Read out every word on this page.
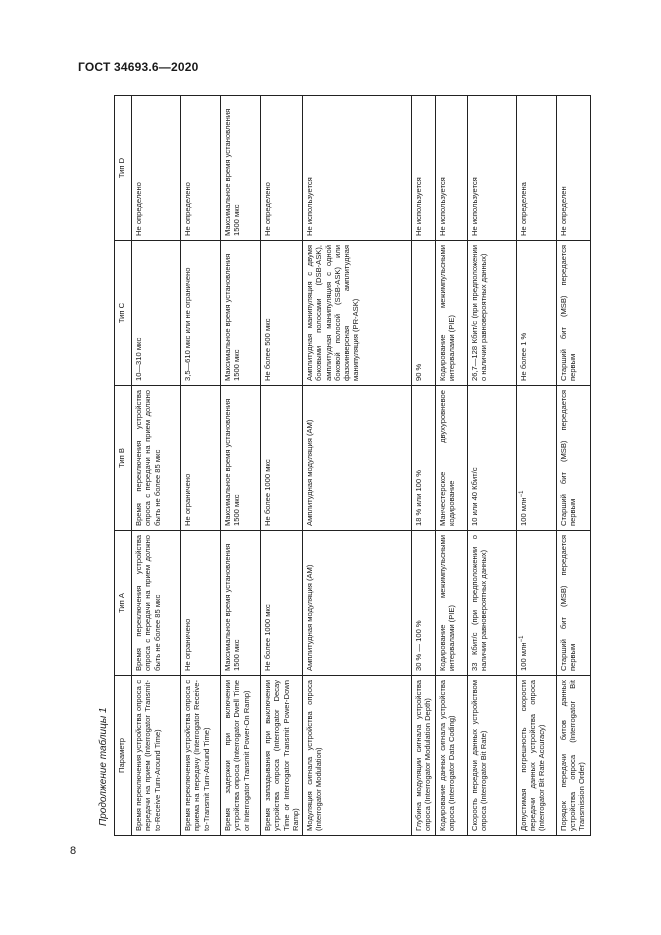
ГОСТ 34693.6—2020
Продолжение таблицы 1	Параметр	Тип A	Тип B	Тип C	Тип D
Время переключения устройства опроса с передачи на прием (Interrogator Transmit-to-Receive Turn-Around Time)	Время переключения устройства опроса с передачи на прием должно быть не более 85 мкс	Время переключения устройства опроса с передачи на прием должно быть не более 85 мкс	10—310 мкс	Не определено
Время переключения устройства опроса с приема на передачу (Interrogator Receive-to-Transmit Turn-Around Time)	Не ограничено	Не ограничено	3,5—610 мкс или не ограничено	Не определено
Время задержки при включении устройства опроса (Interrogator Dwell Time or Interrogator Transmit Power-On Ramp)	Максимальное время установления 1500 мкс	Максимальное время установления 1500 мкс	Максимальное время установления 1500 мкс	Максимальное время установления 1500 мкс
Время запаздывания при выключении устройства опроса (Interrogator Decay Time or Interrogator Transmit Power-Down Ramp)	Не более 1000 мкс	Не более 1000 мкс	Не более 500 мкс	Не определено
Модуляция сигнала устройства опроса (Interrogator Modulation)	Амплитудная модуляция (AM)	Амплитудная модуляция (AM)	Амплитудная манипуляция с двумя боковыми полосами (DSB-ASK), амплитудная манипуляция с одной боковой полосой (SSB-ASK) или фазоинверсная амплитудная манипуляция (PR-ASK)	Не используется
Глубина модуляции сигнала устройства опроса (Interrogator Modulation Depth)	30 % — 100 %	18 % или 100 %	90 %	Не используется
Кодирование данных сигнала устройства опроса (Interrogator Data Coding)	Кодирование межимпульсными интервалами (PIE)	Манчестерское двухуровневое кодирование	Кодирование межимпульсными интервалами (PIE)	Не используется
Скорость передачи данных устройством опроса (Interrogator Bit Rate)	33 Кбит/с (при предположении о наличии равновероятных данных)	10 или 40 Кбит/с	26,7—128 Кбит/с (при предположении о наличии равновероятных данных)	Не используется
Допустимая погрешность скорости передачи данных устройства опроса (Interrogator Bit Rate Accuracy)	100 млн$^{-1}$	100 млн$^{-1}$	Не более 1 %	Не определена
Порядок передачи битов данных устройства опроса (Interrogator Bit Transmission Order)	Старший бит (MSB) передается первым	Старший бит (MSB) передается первым	Старший бит (MSB) передается первым	Не определен
8
